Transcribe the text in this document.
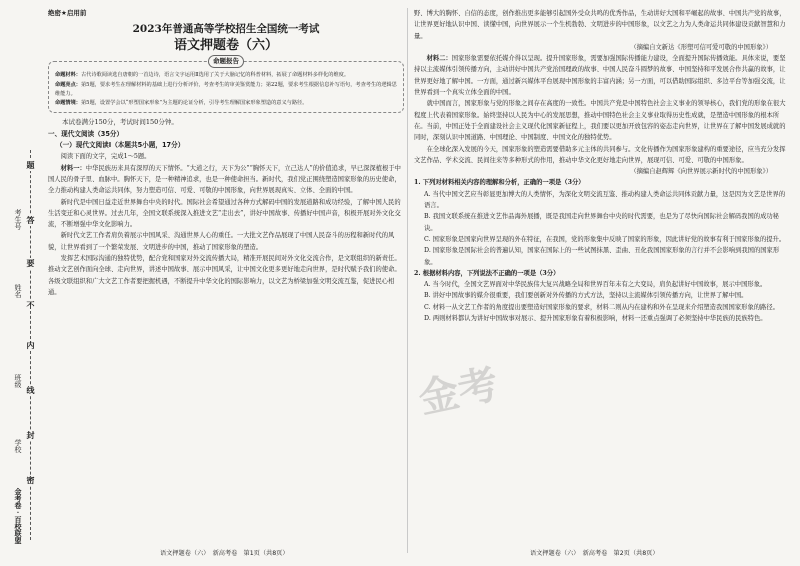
考生号
姓名
班级
学校
金考卷·百校联盟
题
答
要
不
内
线
封
密
绝密★启用前
2023年普通高等学校招生全国统一考试
语文押题卷（六）
命题报告

命题材料：古代诗歌阅读选自唐朝的一首边诗，语言文字运用Ⅱ选用了关于大脑记忆的科普材料，拓展了命题材料多样化的维度。

命题亮点：第5题，要求考生在理解材料的基础上进行分析评价，考查考生的审美鉴赏能力；第22题，要求考生根据信息补写语句，考查考生的逻辑思维能力。

命题情境：第5题，设置学会以“形塑国家形象”为主题的论证分析，引导考生理解国家形象塑造的意义与路径。

本试卷满分150分，考试时间150分钟。
一、现代文阅读（35分）
（一）现代文阅读Ⅰ（本题共5小题，17分）

阅读下面的文字，完成1～5题。

材料一：中华民族历来具有深厚的天下情怀。“大道之行，天下为公”“胸怀天下，立己达人”的价值追求，早已深深植根于中国人民的骨子里、血脉中。胸怀天下，是一种精神追求，也是一种使命担当。新时代，我们党正围绕塑造国家形象的历史使命，全力推动构建人类命运共同体，努力塑造可信、可爱、可敬的中国形象，向世界展现真实、立体、全面的中国。

新时代是中国日益走近世界舞台中央的时代。国际社会希望通过各种方式解码中国的发展道路和成功经验，了解中国人民的生活变迁和心灵世界。过去几年，全国文联系统深入推进文艺“走出去”，讲好中国故事、传播好中国声音，积极开展对外文化交流，不断增强中华文化影响力。

新时代文艺工作者肩负着展示中国风采、沟通世界人心的重任。一大批文艺作品展现了中国人民奋斗的历程和新时代的风貌，让世界看到了一个繁荣发展、文明进步的中国，推动了国家形象的塑造。

发挥艺术国际沟通的独特优势，配合党和国家对外交流传播大局，精准开展民间对外文化交流合作，是文联组织的新责任。推动文艺创作面向全球、走向世界，讲述中国故事、展示中国风采，让中国文化更多更好地走向世界，是时代赋予我们的使命。各级文联组织和广大文艺工作者要把握机遇，不断提升中华文化的国际影响力，以文艺为桥梁加强文明交流互鉴，促进民心相通。

野、博大的胸怀、自信的态度，创作推出更多能够引起国外受众共鸣的优秀作品，生动讲好大国和平崛起的故事、中国共产党的故事，让世界更好地认识中国、读懂中国，向世界展示一个生机勃勃、文明进步的中国形象，以文艺之力为人类命运共同体建设贡献智慧和力量。

（摘编自文新达《形塑可信可爱可敬的中国形象》）

材料二：国家形象需要依托媒介得以呈现。提升国家形象，需要加强国际传播能力建设，全面提升国际传播效能。具体来说，要坚持以主流媒体引领传播方向，主动讲好中国共产党治国理政的故事、中国人民奋斗圆梦的故事、中国坚持和平发展合作共赢的故事，让世界更好地了解中国。一方面，通过新兴媒体平台展现中国形象的丰富内涵；另一方面，可以借助国际组织、多边平台等加强交流，让世界看到一个真实立体全面的中国。

就中国而言，国家形象与党的形象之间存在高度的一致性。中国共产党是中国特色社会主义事业的领导核心，我们党的形象在很大程度上代表着国家形象。始终坚持以人民为中心的发展思想，推动中国特色社会主义事业取得历史性成就，是塑造中国形象的根本所在。当前，中国正处于全面建设社会主义现代化国家新征程上，我们要以更加开放包容的姿态走向世界，让世界在了解中国发展成就的同时，深刻认识中国道路、中国理论、中国制度、中国文化的独特优势。

在全球化深入发展的今天，国家形象的塑造需要借助多元主体的共同参与。文化传播作为国家形象建构的重要途径，应当充分发挥文艺作品、学术交流、民间往来等多种形式的作用，推动中华文化更好地走向世界，展现可信、可爱、可敬的中国形象。

（摘编自赵辉辉《向世界展示新时代的中国形象》）

1. 下列对材料相关内容的理解和分析，正确的一项是（3分）

A. 当代中国文艺应当彰显更加博大的人类情怀，为深化文明交流互鉴、推动构建人类命运共同体贡献力量，这是因为文艺是世界的语言。

B. 我国文联系统在推进文艺作品海外展播，既是我国走向世界舞台中央的时代需要，也是为了尽快向国际社会解码我国的成功秘诀。

C. 国家形象是国家向世界呈现的外在特征，在我国，党的形象集中反映了国家的形象，因此讲好党的故事有利于国家形象的提升。

D. 国家形象是国际社会的普遍认知，国家在国际上的一些试图抹黑、歪曲、丑化我国国家形象的言行并不会影响到我国的国家形象。

2. 根据材料内容，下列说法不正确的一项是（3分）

A. 当今时代，全国文艺界面对中华民族伟大复兴战略全局和世界百年未有之大变局，肩负起讲好中国故事，展示中国形象。

B. 讲好中国故事的媒介很重要，我们要创新对外传播的方式方法，坚持以主流媒体引领传播方向，让世界了解中国。

C. 材料一从文艺工作者的角度提出要塑造好国家形象的要求，材料二则从内在建构和外在呈现来介绍塑造我国国家形象的路径。

D. 两则材料都认为讲好中国故事对展示、提升国家形象有着积极影响，材料一还重点强调了必须坚持中华民族的民族特色。

金考
语文押题卷（六）　新高考卷　第1页（共8页）	语文押题卷（六）　新高考卷　第2页（共8页）
